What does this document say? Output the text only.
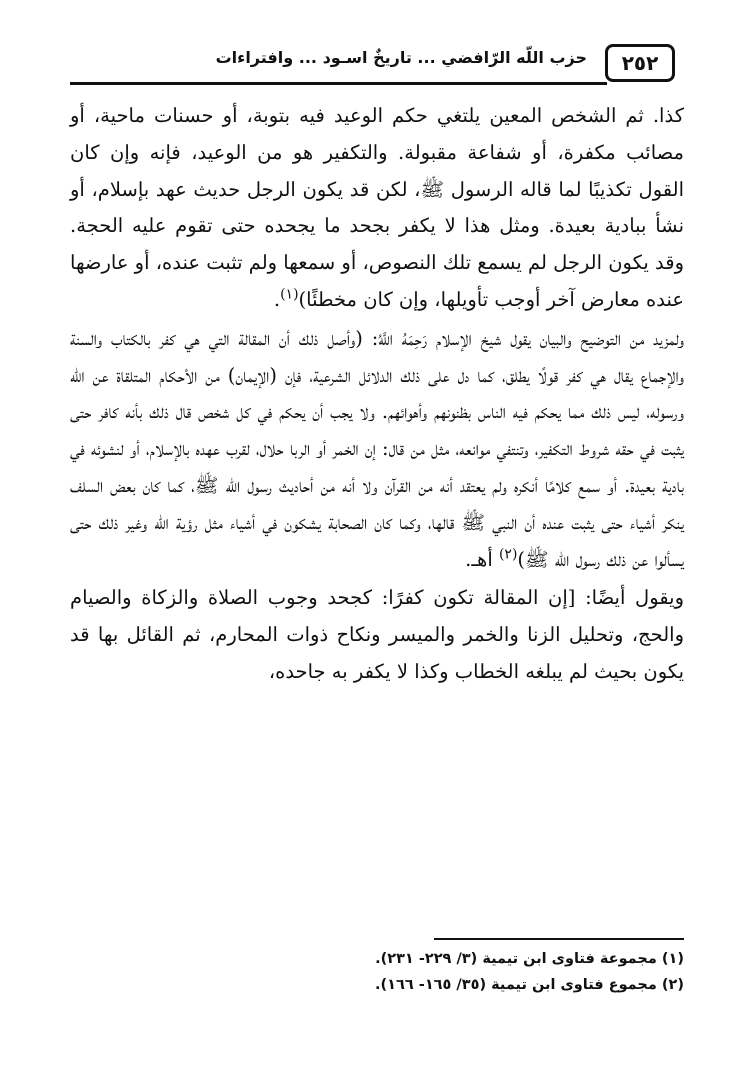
٢٥٢
حزب اللّه الرّافضي ... تاريخٌ اسـود ... وافتراءات

كذا. ثم الشخص المعين يلتغي حكم الوعيد فيه بتوبة، أو حسنات ماحية، أو مصائب مكفرة، أو شفاعة مقبولة. والتكفير هو من الوعيد، فإنه وإن كان القول تكذيبًا لما قاله الرسول ﷺ، لكن قد يكون الرجل حديث عهد بإسلام، أو نشأ ببادية بعيدة. ومثل هذا لا يكفر بجحد ما يجحده حتى تقوم عليه الحجة. وقد يكون الرجل لم يسمع تلك النصوص، أو سمعها ولم تثبت عنده، أو عارضها عنده معارض آخر أوجب تأويلها، وإن كان مخطئًا)$^{(١)}$.

ولمزيد من التوضيح والبيان يقول شيخ الإسلام رَحِمَهُ اللَّهُ: (وأصل ذلك أن المقالة التي هي كفر بالكتاب والسنة والإجماع يقال هي كفر قولًا يطلق، كما دل على ذلك الدلائل الشرعية، فإن (الإيمان) من الأحكام المتلقاة عن اللّه ورسوله، ليس ذلك مما يحكم فيه الناس بظنونهم وأهوائهم. ولا يجب أن يحكم في كل شخص قال ذلك بأنه كافر حتى يثبت في حقه شروط التكفير، وتنتفي موانعه، مثل من قال: إن الخمر أو الربا حلال، لقرب عهده بالإسلام، أو لنشوئه في بادية بعيدة. أو سمع كلامًا أنكره ولم يعتقد أنه من القرآن ولا أنه من أحاديث رسول اللّه ﷺ، كما كان بعض السلف ينكر أشياء حتى يثبت عنده أن النبي ﷺ قالها، وكما كان الصحابة يشكون في أشياء مثل رؤية اللّه وغير ذلك حتى يسألوا عن ذلك رسول اللّه ﷺ)$^{(٢)}$ أهـ.

ويقول أيضًا: [إن المقالة تكون كفرًا: كجحد وجوب الصلاة والزكاة والصيام والحج، وتحليل الزنا والخمر والميسر ونكاح ذوات المحارم، ثم القائل بها قد يكون بحيث لم يبلغه الخطاب وكذا لا يكفر به جاحده،

(١) مجموعة فتاوى ابن تيمية (٣/ ٢٢٩- ٢٣١).
(٢) مجموع فتاوى ابن تيمية (٣٥/ ١٦٥- ١٦٦).
